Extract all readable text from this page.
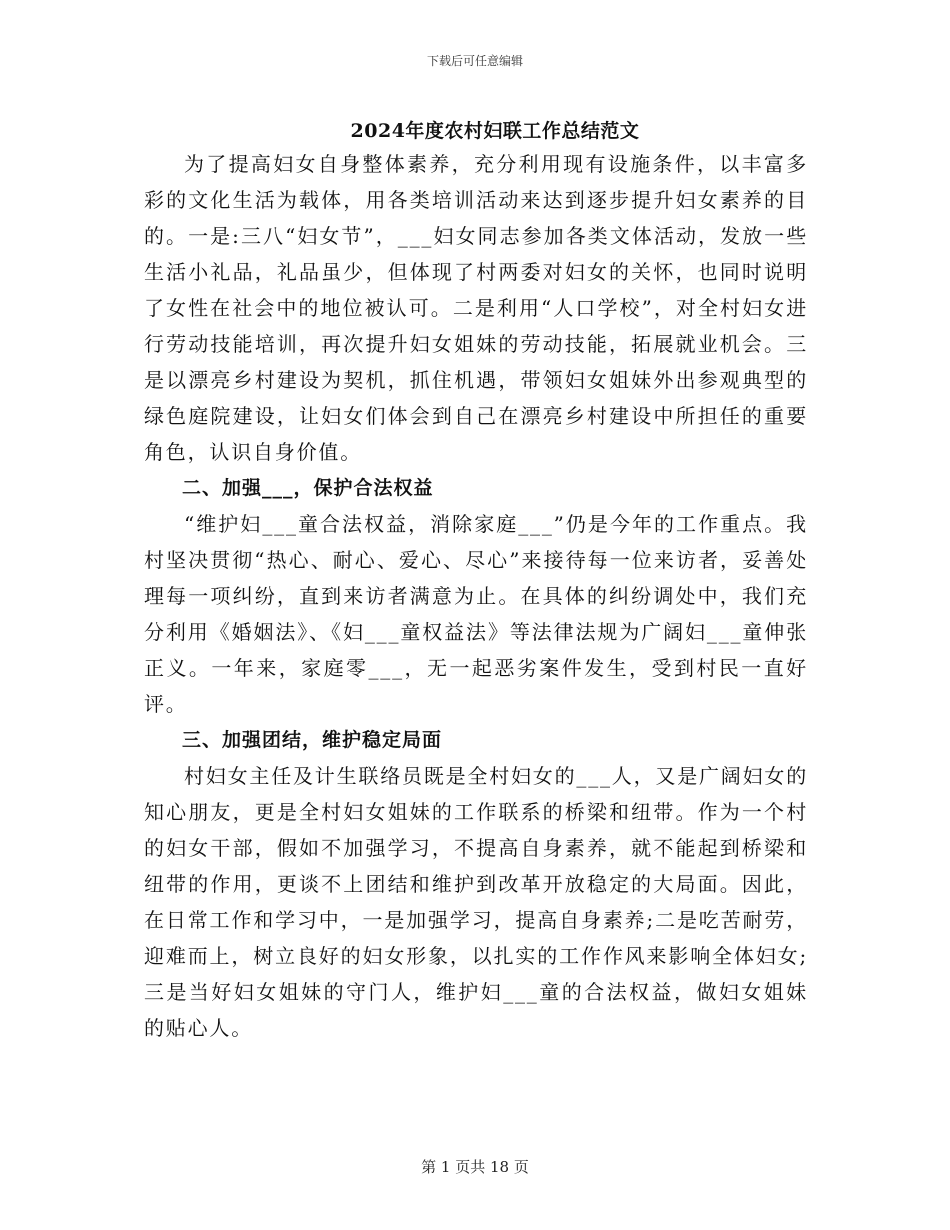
下载后可任意编辑
2024年度农村妇联工作总结范文

为了提高妇女自身整体素养，充分利用现有设施条件，以丰富多彩的文化生活为载体，用各类培训活动来达到逐步提升妇女素养的目的。一是:三八“妇女节”，___妇女同志参加各类文体活动，发放一些生活小礼品，礼品虽少，但体现了村两委对妇女的关怀，也同时说明了女性在社会中的地位被认可。二是利用“人口学校”，对全村妇女进行劳动技能培训，再次提升妇女姐妹的劳动技能，拓展就业机会。三是以漂亮乡村建设为契机，抓住机遇，带领妇女姐妹外出参观典型的绿色庭院建设，让妇女们体会到自己在漂亮乡村建设中所担任的重要角色，认识自身价值。

二、加强___，保护合法权益

“维护妇___童合法权益，消除家庭___”仍是今年的工作重点。我村坚决贯彻“热心、耐心、爱心、尽心”来接待每一位来访者，妥善处理每一项纠纷，直到来访者满意为止。在具体的纠纷调处中，我们充分利用《婚姻法》、《妇___童权益法》等法律法规为广阔妇___童伸张正义。一年来，家庭零___，无一起恶劣案件发生，受到村民一直好评。

三、加强团结，维护稳定局面

村妇女主任及计生联络员既是全村妇女的___人，又是广阔妇女的知心朋友，更是全村妇女姐妹的工作联系的桥梁和纽带。作为一个村的妇女干部，假如不加强学习，不提高自身素养，就不能起到桥梁和纽带的作用，更谈不上团结和维护到改革开放稳定的大局面。因此，在日常工作和学习中，一是加强学习，提高自身素养;二是吃苦耐劳，迎难而上，树立良好的妇女形象，以扎实的工作作风来影响全体妇女;三是当好妇女姐妹的守门人，维护妇___童的合法权益，做妇女姐妹的贴心人。

第 1 页共 18 页
